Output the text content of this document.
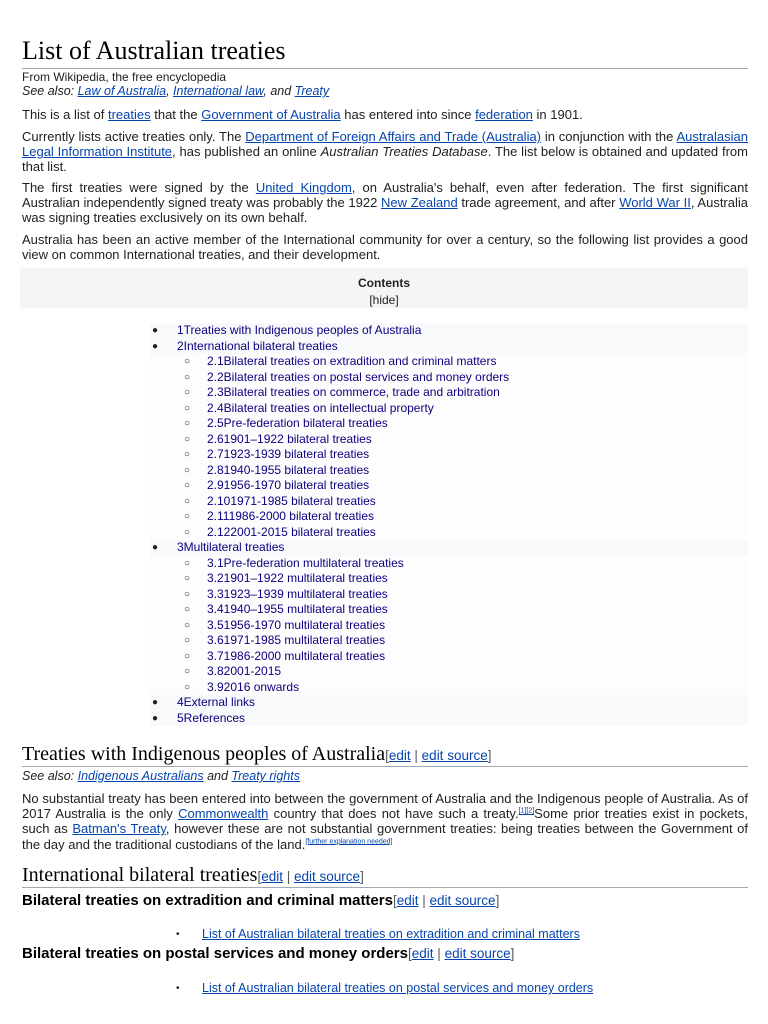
List of Australian treaties
From Wikipedia, the free encyclopedia
See also: Law of Australia, International law, and Treaty

This is a list of treaties that the Government of Australia has entered into since federation in 1901.

Currently lists active treaties only. The Department of Foreign Affairs and Trade (Australia) in conjunction with the Australasian Legal Information Institute, has published an online Australian Treaties Database. The list below is obtained and updated from that list.

The first treaties were signed by the United Kingdom, on Australia's behalf, even after federation. The first significant Australian independently signed treaty was probably the 1922 New Zealand trade agreement, and after World War II, Australia was signing treaties exclusively on its own behalf.

Australia has been an active member of the International community for over a century, so the following list provides a good view on common International treaties, and their development.

Contents
[hide]
● 1Treaties with Indigenous peoples of Australia
● 2International bilateral treaties
○ 2.1Bilateral treaties on extradition and criminal matters
○ 2.2Bilateral treaties on postal services and money orders
○ 2.3Bilateral treaties on commerce, trade and arbitration
○ 2.4Bilateral treaties on intellectual property
○ 2.5Pre-federation bilateral treaties
○ 2.61901–1922 bilateral treaties
○ 2.71923-1939 bilateral treaties
○ 2.81940-1955 bilateral treaties
○ 2.91956-1970 bilateral treaties
○ 2.101971-1985 bilateral treaties
○ 2.111986-2000 bilateral treaties
○ 2.122001-2015 bilateral treaties
● 3Multilateral treaties
○ 3.1Pre-federation multilateral treaties
○ 3.21901–1922 multilateral treaties
○ 3.31923–1939 multilateral treaties
○ 3.41940–1955 multilateral treaties
○ 3.51956-1970 multilateral treaties
○ 3.61971-1985 multilateral treaties
○ 3.71986-2000 multilateral treaties
○ 3.82001-2015
○ 3.92016 onwards
● 4External links
● 5References
Treaties with Indigenous peoples of Australia[edit | edit source]
See also: Indigenous Australians and Treaty rights

No substantial treaty has been entered into between the government of Australia and the Indigenous people of Australia. As of 2017 Australia is the only Commonwealth country that does not have such a treaty.[1][2]Some prior treaties exist in pockets, such as Batman's Treaty, however these are not substantial government treaties: being treaties between the Government of the day and the traditional custodians of the land.[further explanation needed]

International bilateral treaties[edit | edit source]
Bilateral treaties on extradition and criminal matters[edit | edit source]
• List of Australian bilateral treaties on extradition and criminal matters
Bilateral treaties on postal services and money orders[edit | edit source]
• List of Australian bilateral treaties on postal services and money orders
